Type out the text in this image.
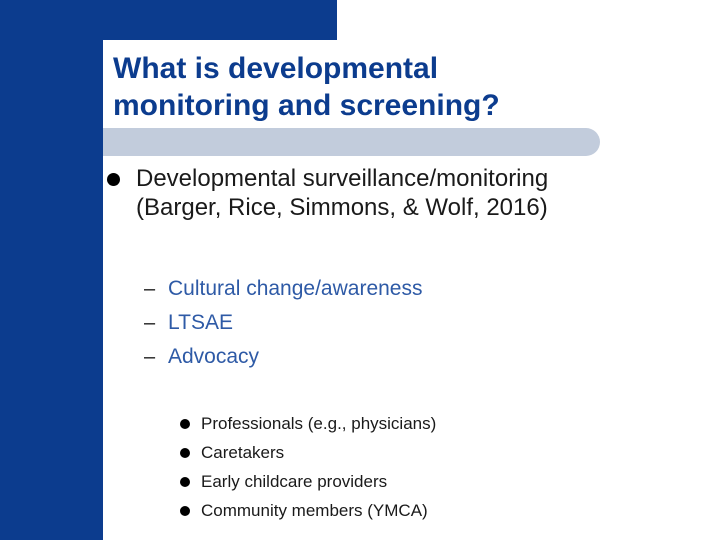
What is developmental
monitoring and screening?
Developmental surveillance/monitoring
(Barger, Rice, Simmons, & Wolf, 2016)
– Cultural change/awareness
– LTSAE
– Advocacy
Professionals (e.g., physicians)
Caretakers
Early childcare providers
Community members (YMCA)
